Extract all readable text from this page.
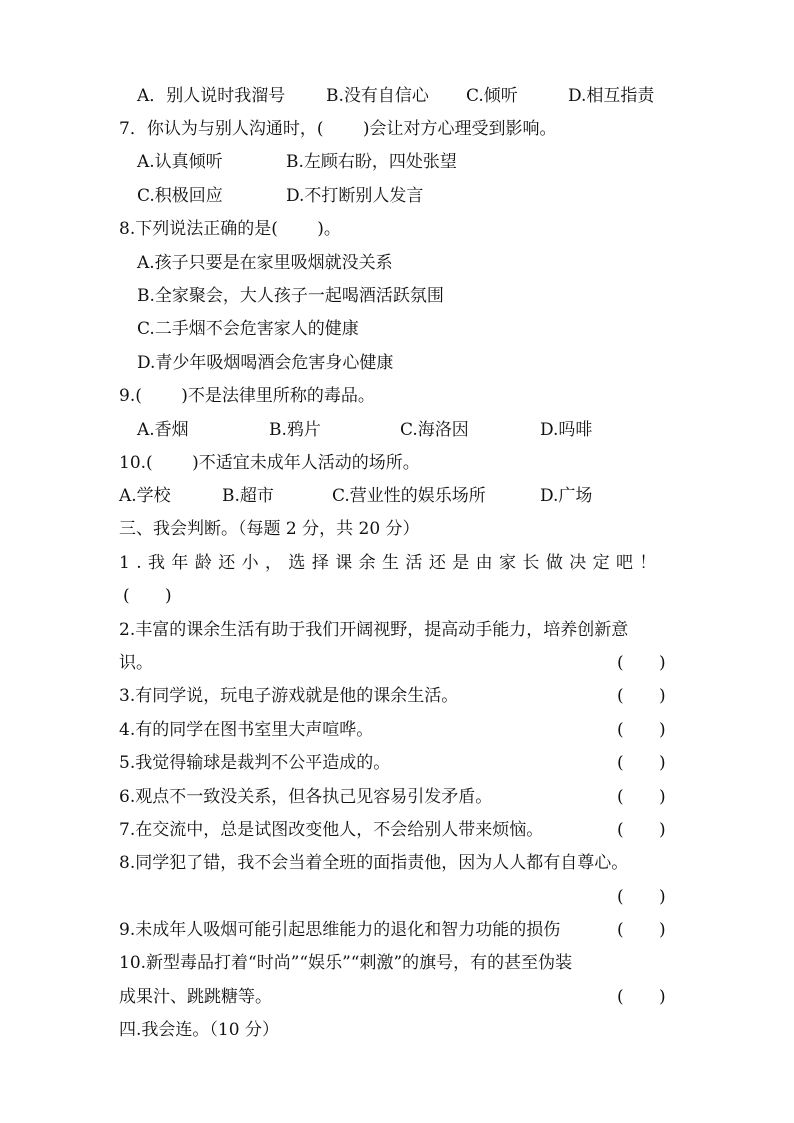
A．别人说时我溜号 B.没有自信心 C.倾听	D.相互指责
7．你认为与别人沟通时，(　　 )会让对方心理受到影响。
A.认真倾听	B.左顾右盼，四处张望
C.积极回应	D.不打断别人发言
8.下列说法正确的是(　　 )。
A.孩子只要是在家里吸烟就没关系
B.全家聚会，大人孩子一起喝酒活跃氛围
C.二手烟不会危害家人的健康
D.青少年吸烟喝酒会危害身心健康
9.(　　 )不是法律里所称的毒品。
A.香烟	B.鸦片	C.海洛因	D.吗啡
10.(　　 )不适宜未成年人活动的场所。
A.学校	B.超市	C.营业性的娱乐场所	D.广场
三、我会判断。（每题 2 分，共 20 分）
1.我年龄还小，选择课余生活还是由家长做决定吧！
( )
2.丰富的课余生活有助于我们开阔视野，提高动手能力，培养创新意
识。	( )
3.有同学说，玩电子游戏就是他的课余生活。	( )
4.有的同学在图书室里大声喧哗。	( )
5.我觉得输球是裁判不公平造成的。	( )
6.观点不一致没关系，但各执己见容易引发矛盾。	( )
7.在交流中，总是试图改变他人，不会给别人带来烦恼。	( )
8.同学犯了错，我不会当着全班的面指责他，因为人人都有自尊心。
( )
9.未成年人吸烟可能引起思维能力的退化和智力功能的损伤	( )
10.新型毒品打着“时尚”“娱乐”“刺激”的旗号，有的甚至伪装
成果汁、跳跳糖等。	( )
四.我会连。（10 分）
